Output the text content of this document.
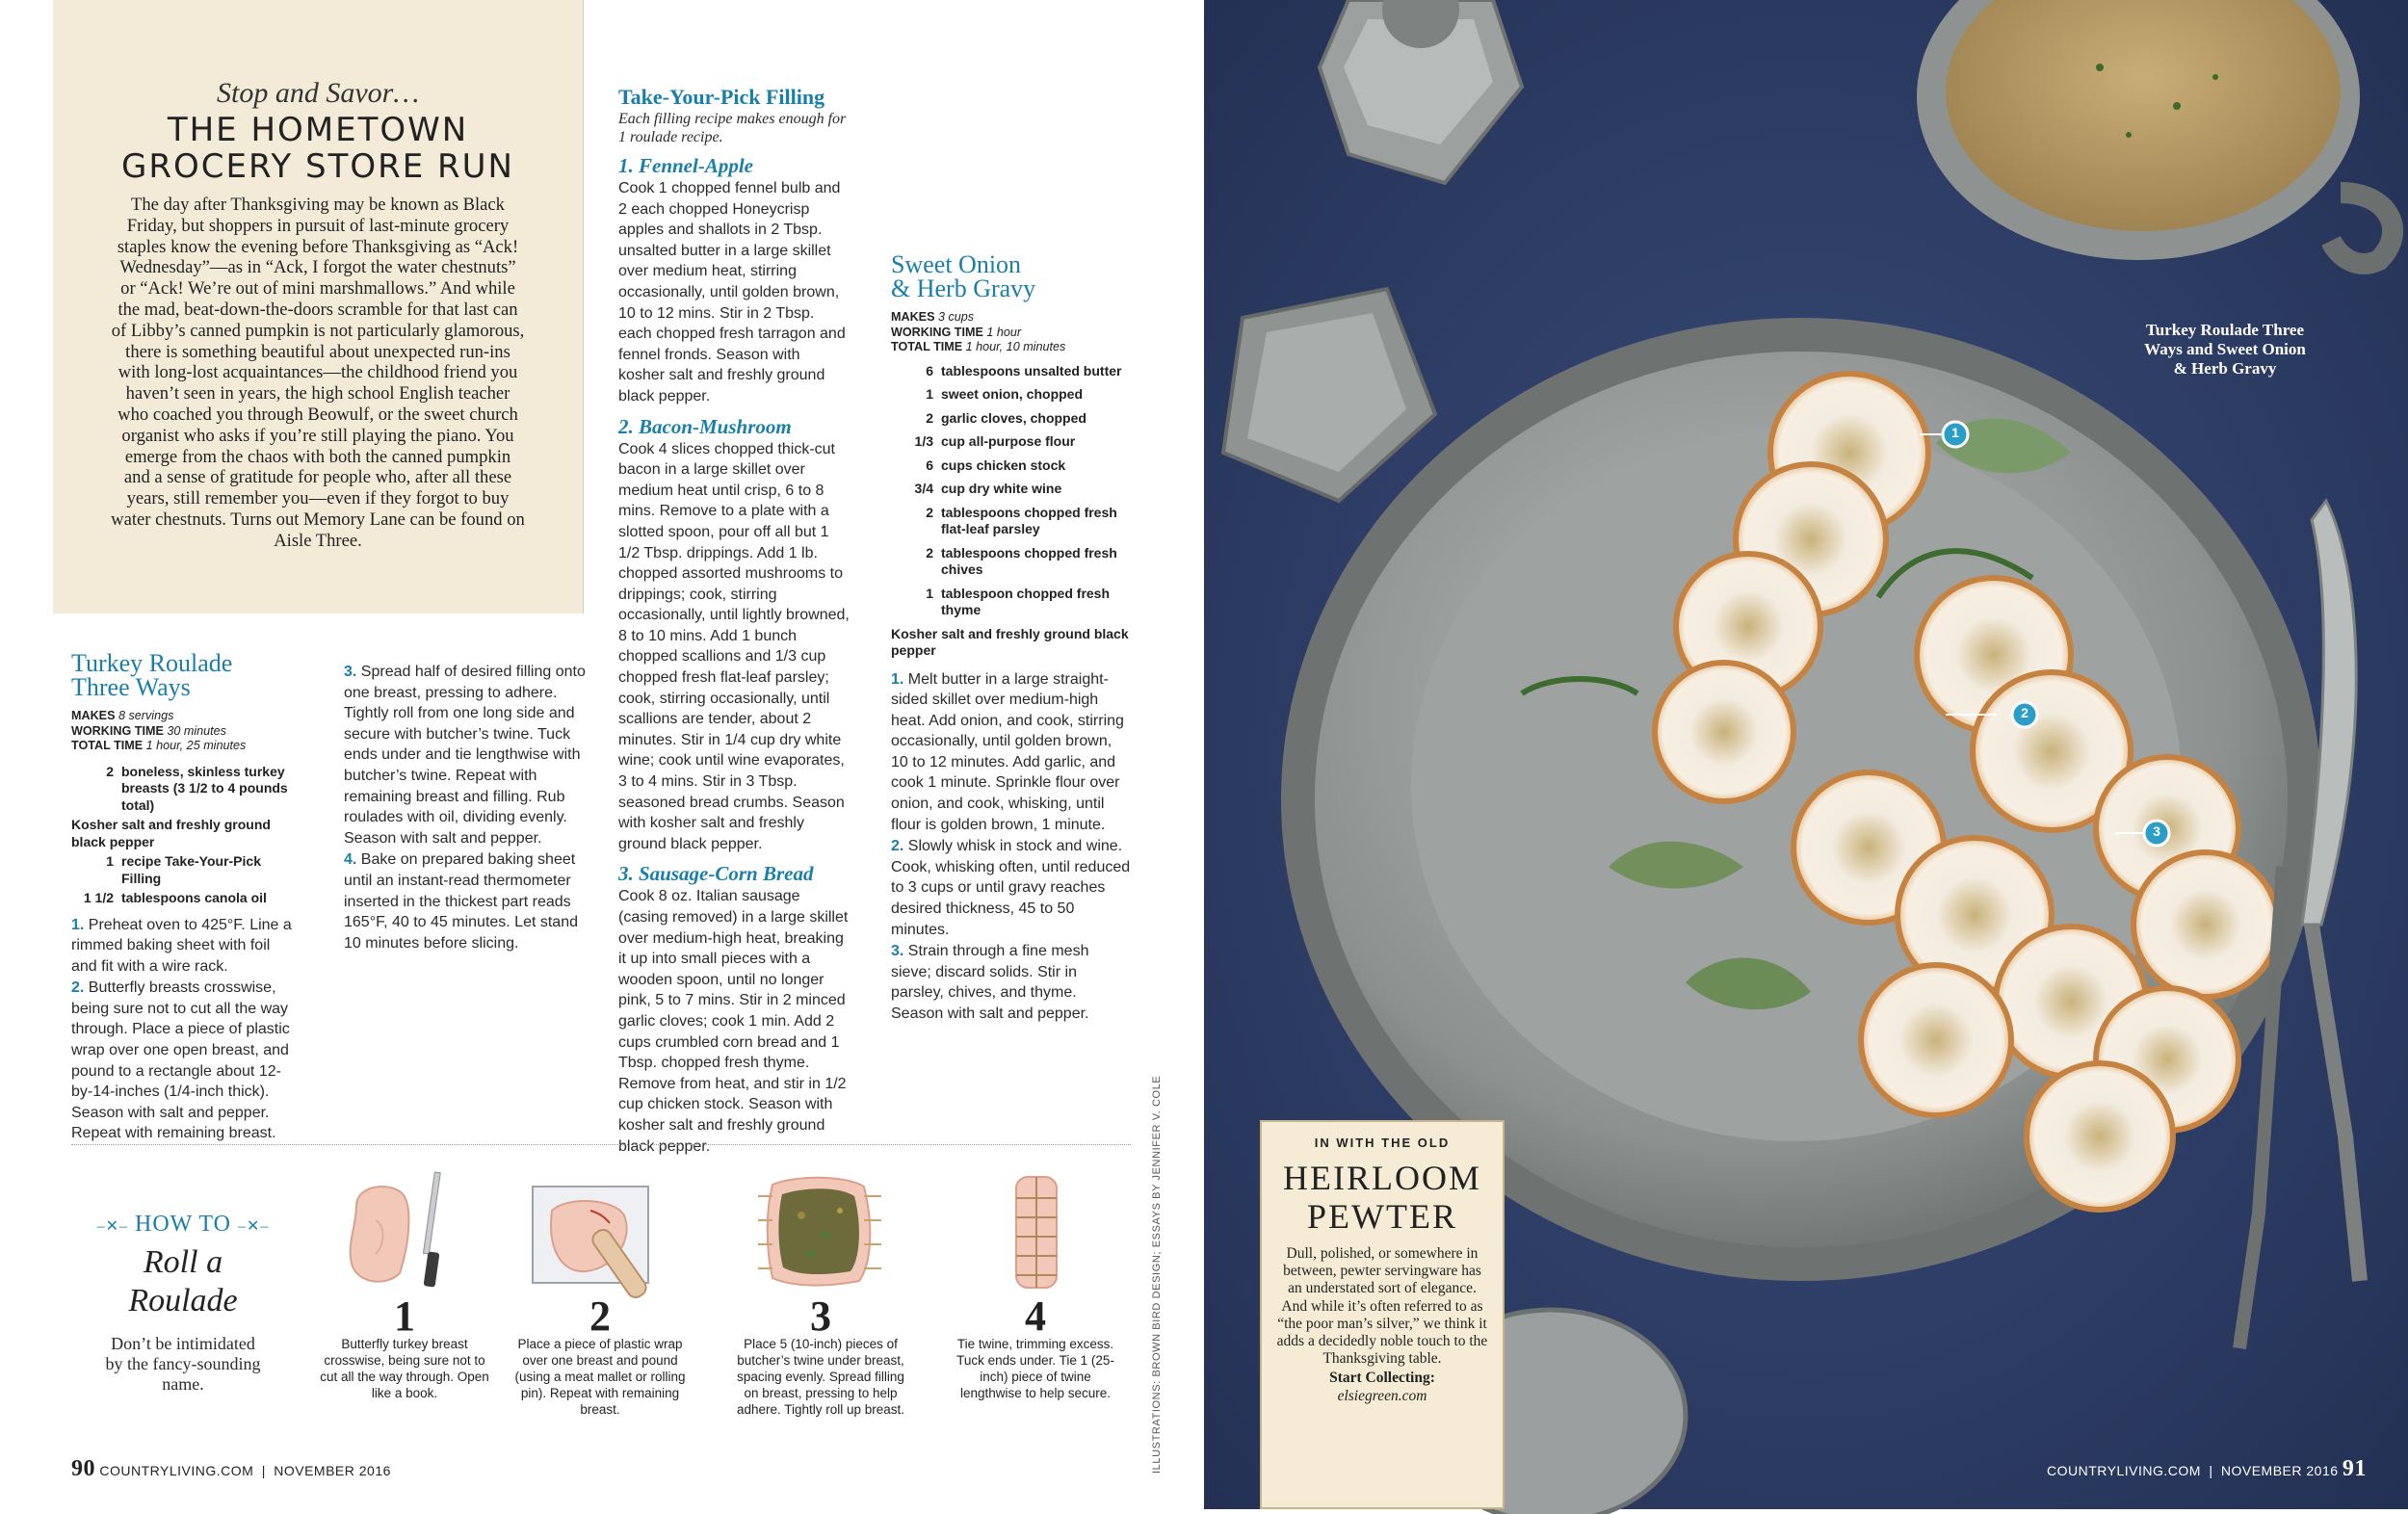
Stop and Savor…
THE HOMETOWN
GROCERY STORE RUN
The day after Thanksgiving may be known as Black Friday, but shoppers in pursuit of last-minute grocery staples know the evening before Thanksgiving as “Ack! Wednesday”—as in “Ack, I forgot the water chestnuts” or “Ack! We’re out of mini marshmallows.” And while the mad, beat-down-the-doors scramble for that last can of Libby’s canned pumpkin is not particularly glamorous, there is something beautiful about unexpected run-ins with long-lost acquaintances—the childhood friend you haven’t seen in years, the high school English teacher who coached you through Beowulf, or the sweet church organist who asks if you’re still playing the piano. You emerge from the chaos with both the canned pumpkin and a sense of gratitude for people who, after all these years, still remember you—even if they forgot to buy water chestnuts. Turns out Memory Lane can be found on Aisle Three.
Turkey Roulade
Three Ways
MAKES 8 servings
WORKING TIME 30 minutes
TOTAL TIME 1 hour, 25 minutes
2 boneless, skinless turkey breasts (3 1/2 to 4 pounds total)
Kosher salt and freshly ground black pepper
1 recipe Take-Your-Pick Filling
1 1/2 tablespoons canola oil

1. Preheat oven to 425°F. Line a rimmed baking sheet with foil and fit with a wire rack.

2. Butterfly breasts crosswise, being sure not to cut all the way through. Place a piece of plastic wrap over one open breast, and pound to a rectangle about 12-by-14-inches (1/4-inch thick). Season with salt and pepper. Repeat with remaining breast.

3. Spread half of desired filling onto one breast, pressing to adhere. Tightly roll from one long side and secure with butcher’s twine. Tuck ends under and tie lengthwise with butcher’s twine. Repeat with remaining breast and filling. Rub roulades with oil, dividing evenly. Season with salt and pepper.

4. Bake on prepared baking sheet until an instant-read thermometer inserted in the thickest part reads 165°F, 40 to 45 minutes. Let stand 10 minutes before slicing.

Take-Your-Pick Filling
Each filling recipe makes enough for 1 roulade recipe.
1. Fennel-Apple
Cook 1 chopped fennel bulb and 2 each chopped Honeycrisp apples and shallots in 2 Tbsp. unsalted butter in a large skillet over medium heat, stirring occasionally, until golden brown, 10 to 12 mins. Stir in 2 Tbsp. each chopped fresh tarragon and fennel fronds. Season with kosher salt and freshly ground black pepper.
2. Bacon-Mushroom
Cook 4 slices chopped thick-cut bacon in a large skillet over medium heat until crisp, 6 to 8 mins. Remove to a plate with a slotted spoon, pour off all but 1 1/2 Tbsp. drippings. Add 1 lb. chopped assorted mushrooms to drippings; cook, stirring occasionally, until lightly browned, 8 to 10 mins. Add 1 bunch chopped scallions and 1/3 cup chopped fresh flat-leaf parsley; cook, stirring occasionally, until scallions are tender, about 2 minutes. Stir in 1/4 cup dry white wine; cook until wine evaporates, 3 to 4 mins. Stir in 3 Tbsp. seasoned bread crumbs. Season with kosher salt and freshly ground black pepper.
3. Sausage-Corn Bread
Cook 8 oz. Italian sausage (casing removed) in a large skillet over medium-high heat, breaking it up into small pieces with a wooden spoon, until no longer pink, 5 to 7 mins. Stir in 2 minced garlic cloves; cook 1 min. Add 2 cups crumbled corn bread and 1 Tbsp. chopped fresh thyme. Remove from heat, and stir in 1/2 cup chicken stock. Season with kosher salt and freshly ground black pepper.
Sweet Onion
& Herb Gravy
MAKES 3 cups
WORKING TIME 1 hour
TOTAL TIME 1 hour, 10 minutes
6 tablespoons unsalted butter
1 sweet onion, chopped
2 garlic cloves, chopped
1/3 cup all-purpose flour
6 cups chicken stock
3/4 cup dry white wine
2 tablespoons chopped fresh flat-leaf parsley
2 tablespoons chopped fresh chives
1 tablespoon chopped fresh thyme
Kosher salt and freshly ground black pepper

1. Melt butter in a large straight-sided skillet over medium-high heat. Add onion, and cook, stirring occasionally, until golden brown, 10 to 12 minutes. Add garlic, and cook 1 minute. Sprinkle flour over onion, and cook, whisking, until flour is golden brown, 1 minute.

2. Slowly whisk in stock and wine. Cook, whisking often, until reduced to 3 cups or until gravy reaches desired thickness, 45 to 50 minutes.

3. Strain through a fine mesh sieve; discard solids. Stir in parsley, chives, and thyme. Season with salt and pepper.

ILLUSTRATIONS: BROWN BIRD DESIGN; ESSAYS BY JENNIFER V. COLE
–✕– HOW TO –✕–
Roll a
Roulade
Don’t be intimidated by the fancy-sounding name.
1
Butterfly turkey breast crosswise, being sure not to cut all the way through. Open like a book.
2
Place a piece of plastic wrap over one breast and pound (using a meat mallet or rolling pin). Repeat with remaining breast.
3
Place 5 (10-inch) pieces of butcher’s twine under breast, spacing evenly. Spread filling on breast, pressing to help adhere. Tightly roll up breast.
4
Tie twine, trimming excess. Tuck ends under. Tie 1 (25-inch) piece of twine lengthwise to help secure.
90 COUNTRYLIVING.COM | NOVEMBER 2016
1
2
3
Turkey Roulade Three Ways and Sweet Onion & Herb Gravy
IN WITH THE OLD
HEIRLOOM
PEWTER
Dull, polished, or somewhere in between, pewter servingware has an understated sort of elegance. And while it’s often referred to as “the poor man’s silver,” we think it adds a decidedly noble touch to the Thanksgiving table.
Start Collecting:
elsiegreen.com
COUNTRYLIVING.COM | NOVEMBER 2016 91
